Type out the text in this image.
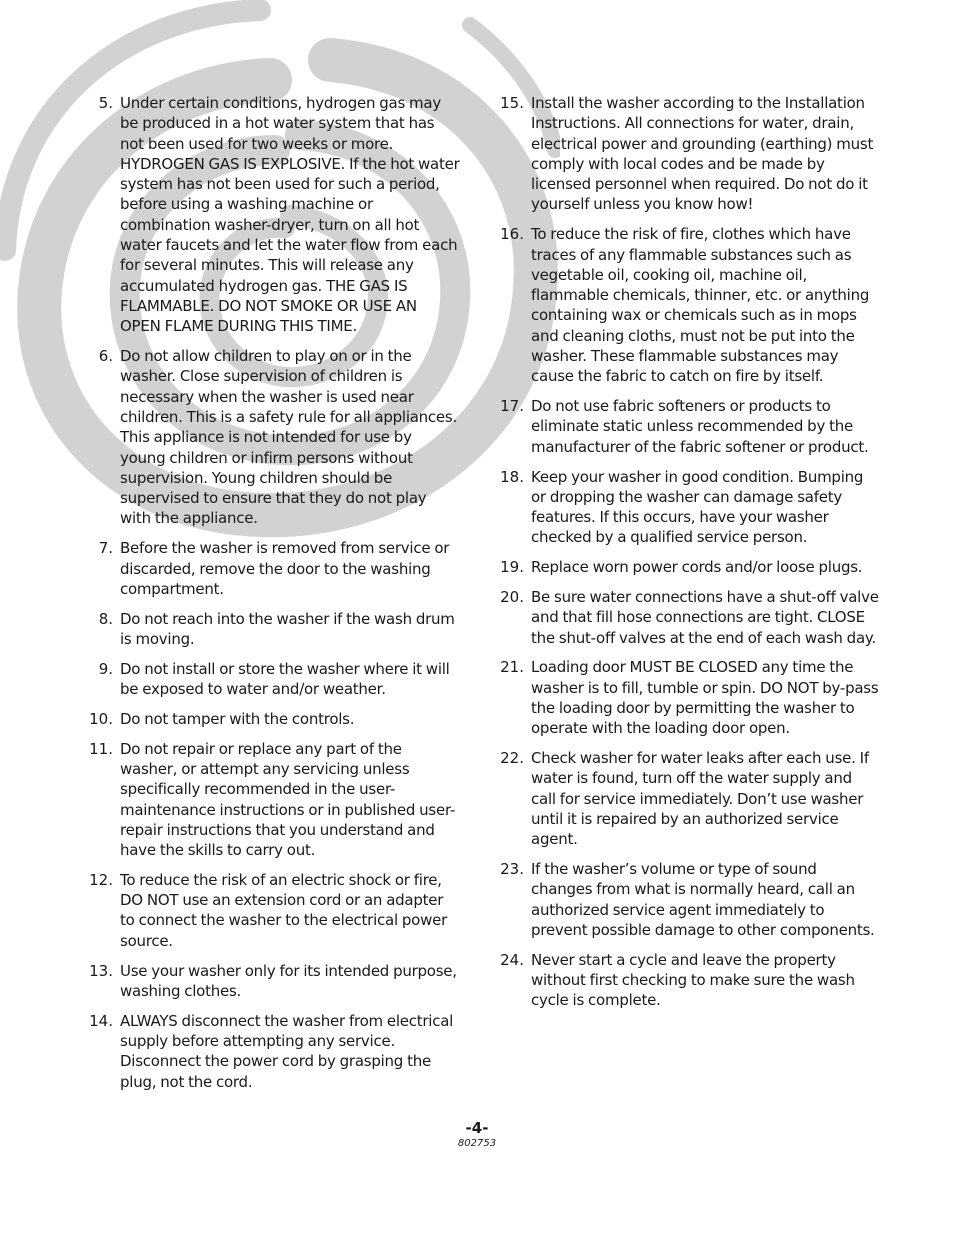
5. Under certain conditions, hydrogen gas may be produced in a hot water system that has not been used for two weeks or more. HYDROGEN GAS IS EXPLOSIVE. If the hot water system has not been used for such a period, before using a washing machine or combination washer-dryer, turn on all hot water faucets and let the water flow from each for several minutes. This will release any accumulated hydrogen gas. THE GAS IS FLAMMABLE. DO NOT SMOKE OR USE AN OPEN FLAME DURING THIS TIME.
6. Do not allow children to play on or in the washer. Close supervision of children is necessary when the washer is used near children. This is a safety rule for all appliances. This appliance is not intended for use by young children or infirm persons without supervision. Young children should be supervised to ensure that they do not play with the appliance.
7. Before the washer is removed from service or discarded, remove the door to the washing compartment.
8. Do not reach into the washer if the wash drum is moving.
9. Do not install or store the washer where it will be exposed to water and/or weather.
10. Do not tamper with the controls.
11. Do not repair or replace any part of the washer, or attempt any servicing unless specifically recommended in the user-maintenance instructions or in published user-repair instructions that you understand and have the skills to carry out.
12. To reduce the risk of an electric shock or fire, DO NOT use an extension cord or an adapter to connect the washer to the electrical power source.
13. Use your washer only for its intended purpose, washing clothes.
14. ALWAYS disconnect the washer from electrical supply before attempting any service. Disconnect the power cord by grasping the plug, not the cord.
15. Install the washer according to the Installation Instructions. All connections for water, drain, electrical power and grounding (earthing) must comply with local codes and be made by licensed personnel when required. Do not do it yourself unless you know how!
16. To reduce the risk of fire, clothes which have traces of any flammable substances such as vegetable oil, cooking oil, machine oil, flammable chemicals, thinner, etc. or anything containing wax or chemicals such as in mops and cleaning cloths, must not be put into the washer. These flammable substances may cause the fabric to catch on fire by itself.
17. Do not use fabric softeners or products to eliminate static unless recommended by the manufacturer of the fabric softener or product.
18. Keep your washer in good condition. Bumping or dropping the washer can damage safety features. If this occurs, have your washer checked by a qualified service person.
19. Replace worn power cords and/or loose plugs.
20. Be sure water connections have a shut-off valve and that fill hose connections are tight. CLOSE the shut-off valves at the end of each wash day.
21. Loading door MUST BE CLOSED any time the washer is to fill, tumble or spin. DO NOT by-pass the loading door by permitting the washer to operate with the loading door open.
22. Check washer for water leaks after each use. If water is found, turn off the water supply and call for service immediately. Don’t use washer until it is repaired by an authorized service agent.
23. If the washer’s volume or type of sound changes from what is normally heard, call an authorized service agent immediately to prevent possible damage to other components.
24. Never start a cycle and leave the property without first checking to make sure the wash cycle is complete.
-4-
802753
